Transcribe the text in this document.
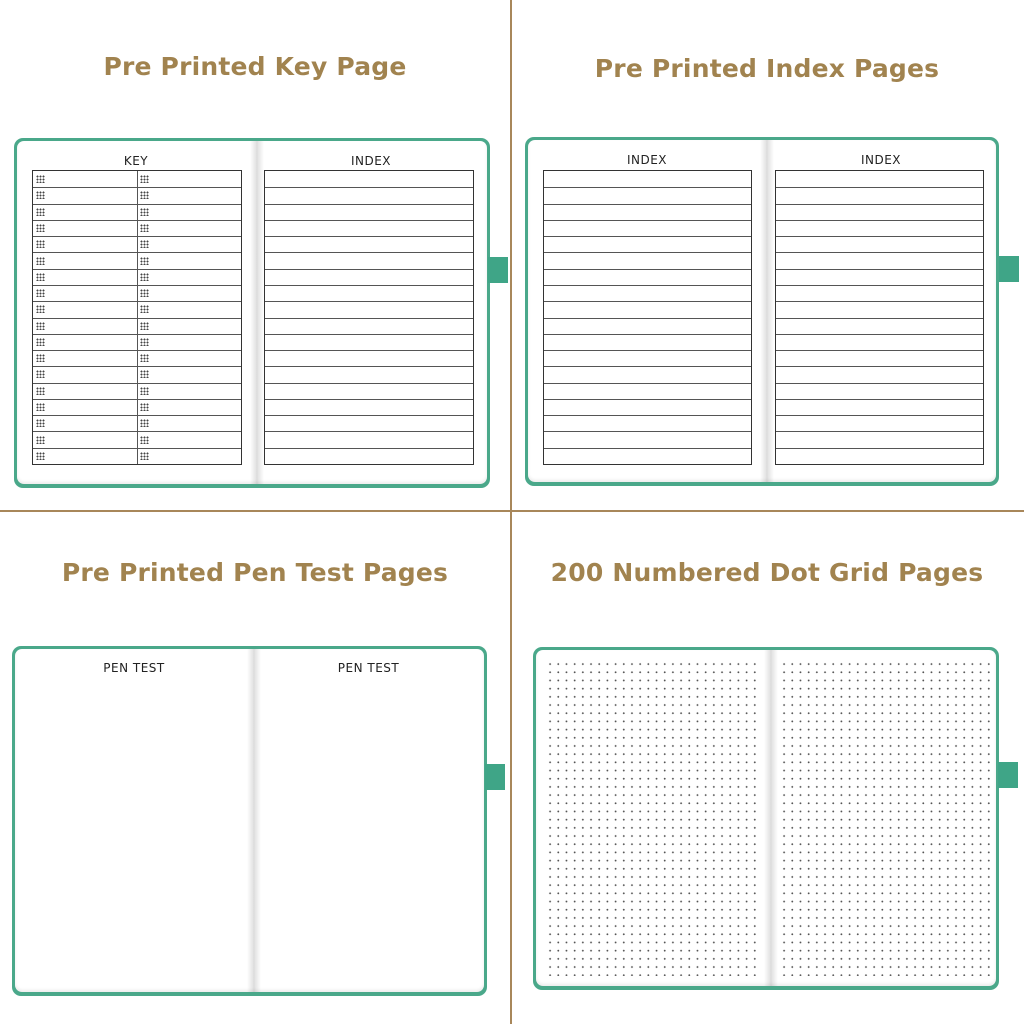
Pre Printed Key Page
KEY	INDEX
Pre Printed Index Pages
INDEX	INDEX
Pre Printed Pen Test Pages
PEN TEST	PEN TEST
200 Numbered Dot Grid Pages
